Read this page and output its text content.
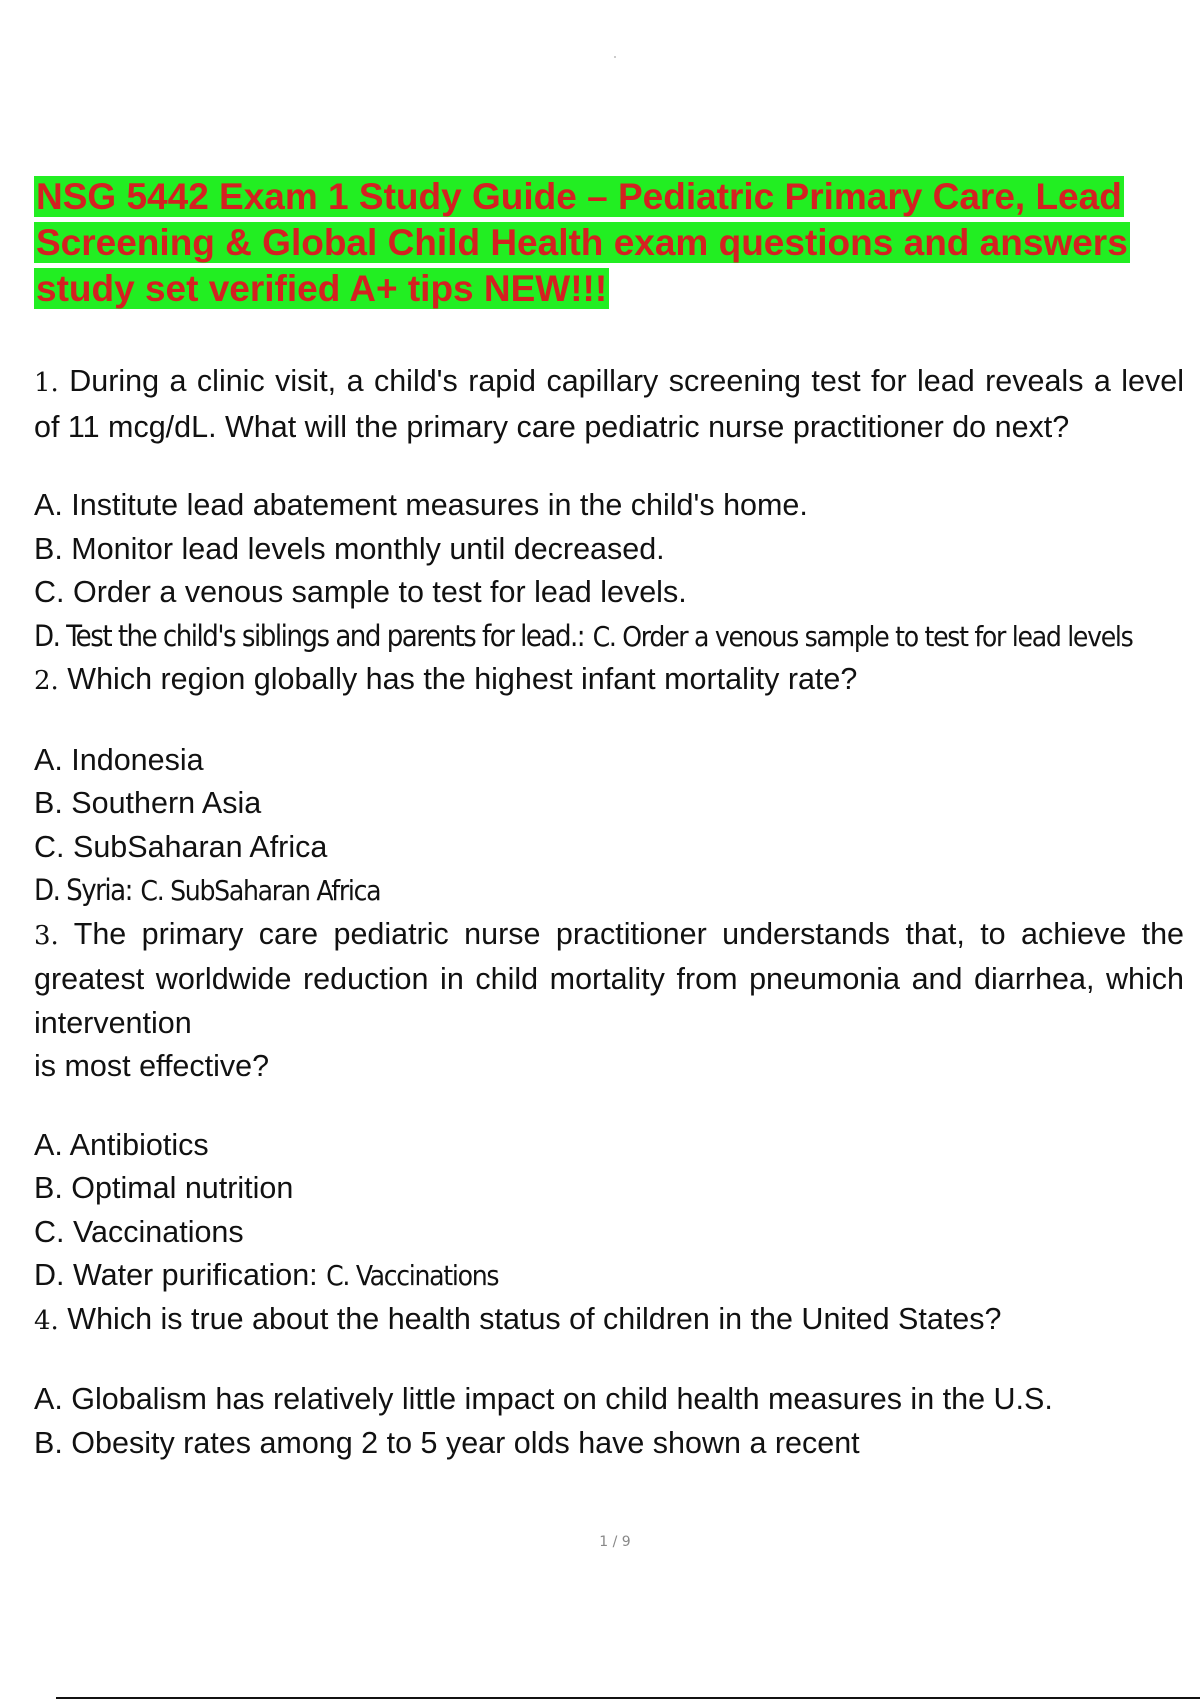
NSG 5442 Exam 1 Study Guide – Pediatric Primary Care, Lead
Screening & Global Child Health exam questions and answers
study set verified A+ tips NEW!!!

1. During a clinic visit, a child's rapid capillary screening test for lead reveals a level of 11 mcg/dL. What will the primary care pediatric nurse practitioner do next?

A. Institute lead abatement measures in the child's home.

B. Monitor lead levels monthly until decreased.

C. Order a venous sample to test for lead levels.

D. Test the child's siblings and parents for lead.: C. Order a venous sample to test for lead levels

2. Which region globally has the highest infant mortality rate?

A. Indonesia

B. Southern Asia

C. SubSaharan Africa

D. Syria: C. SubSaharan Africa

3. The primary care pediatric nurse practitioner understands that, to achieve the greatest worldwide reduction in child mortality from pneumonia and diarrhea, which intervention

is most effective?

A. Antibiotics

B. Optimal nutrition

C. Vaccinations

D. Water purification: C. Vaccinations

4. Which is true about the health status of children in the United States?

A. Globalism has relatively little impact on child health measures in the U.S.

B. Obesity rates among 2 to 5 year olds have shown a recent

1 / 9
